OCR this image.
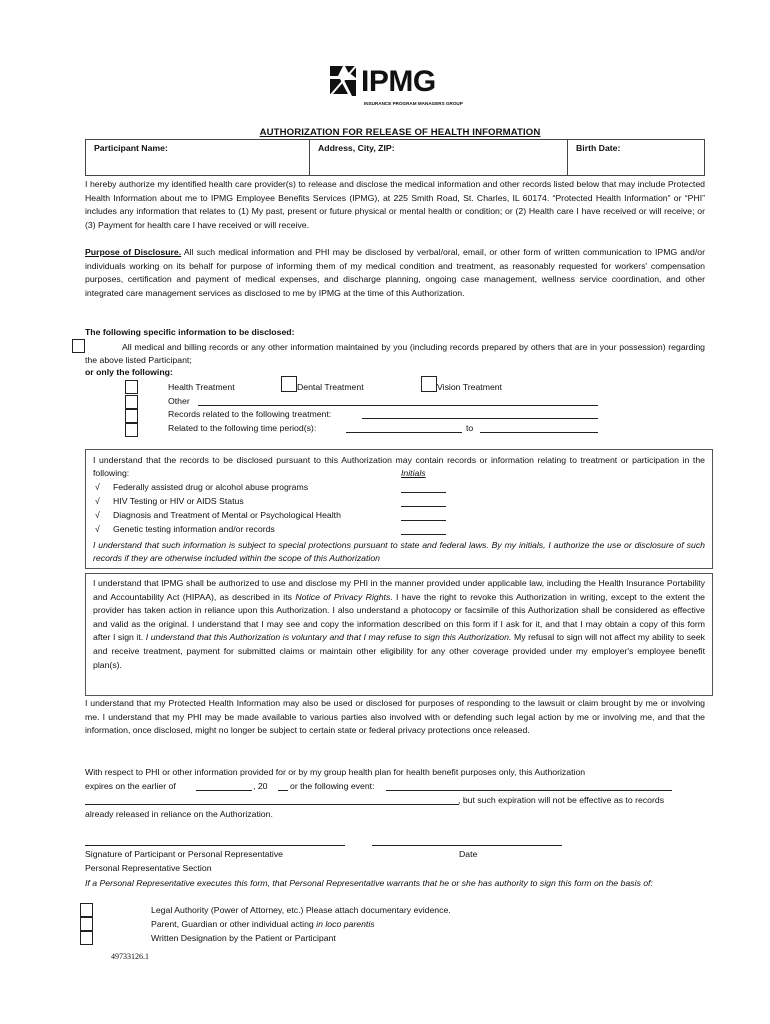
IPMG
INSURANCE PROGRAM MANAGERS GROUP
AUTHORIZATION FOR RELEASE OF HEALTH INFORMATION
Participant Name:	Address, City, ZIP:	Birth Date:

I hereby authorize my identified health care provider(s) to release and disclose the medical information and other records listed below that may include Protected Health Information about me to IPMG Employee Benefits Services (IPMG), at 225 Smith Road, St. Charles, IL 60174. “Protected Health Information” or “PHI” includes any information that relates to (1) My past, present or future physical or mental health or condition; or (2) Health care I have received or will receive; or (3) Payment for health care I have received or will receive.

Purpose of Disclosure. All such medical information and PHI may be disclosed by verbal/oral, email, or other form of written communication to IPMG and/or individuals working on its behalf for purpose of informing them of my medical condition and treatment, as reasonably requested for workers' compensation purposes, certification and payment of medical expenses, and discharge planning, ongoing case management, wellness service coordination, and other integrated care management services as disclosed to me by IPMG at the time of this Authorization.

The following specific information to be disclosed:

All medical and billing records or any other information maintained by you (including records prepared by others that are in your possession) regarding the above listed Participant;

or only the following:
Health Treatment	Dental Treatment	Vision Treatment
Other
Records related to the following treatment:
Related to the following time period(s):	to

I understand that the records to be disclosed pursuant to this Authorization may contain records or information relating to treatment or participation in the following:	Initials
√ Federally assisted drug or alcohol abuse programs
√ HIV Testing or HIV or AIDS Status
√ Diagnosis and Treatment of Mental or Psychological Health
√ Genetic testing information and/or records

I understand that such information is subject to special protections pursuant to state and federal laws. By my initials, I authorize the use or disclosure of such records if they are otherwise included within the scope of this Authorization

I understand that IPMG shall be authorized to use and disclose my PHI in the manner provided under applicable law, including the Health Insurance Portability and Accountability Act (HIPAA), as described in its Notice of Privacy Rights. I have the right to revoke this Authorization in writing, except to the extent the provider has taken action in reliance upon this Authorization. I also understand a photocopy or facsimile of this Authorization shall be considered as effective and valid as the original. I understand that I may see and copy the information described on this form if I ask for it, and that I may obtain a copy of this form after I sign it. I understand that this Authorization is voluntary and that I may refuse to sign this Authorization. My refusal to sign will not affect my ability to seek and receive treatment, payment for submitted claims or maintain other eligibility for any other coverage provided under my employer's employee benefit plan(s).

I understand that my Protected Health Information may also be used or disclosed for purposes of responding to the lawsuit or claim brought by me or involving me. I understand that my PHI may be made available to various parties also involved with or defending such legal action by me or involving me, and that the information, once disclosed, might no longer be subject to certain state or federal privacy protections once released.

With respect to PHI or other information provided for or by my group health plan for health benefit purposes only, this Authorization
expires on the earlier of	, 20	or the following event:
, but such expiration will not be effective as to records
already released in reliance on the Authorization.
Signature of Participant or Personal Representative	Date
Personal Representative Section

If a Personal Representative executes this form, that Personal Representative warrants that he or she has authority to sign this form on the basis of:

Legal Authority (Power of Attorney, etc.) Please attach documentary evidence.
Parent, Guardian or other individual acting in loco parentis
Written Designation by the Patient or Participant
49733126.1
